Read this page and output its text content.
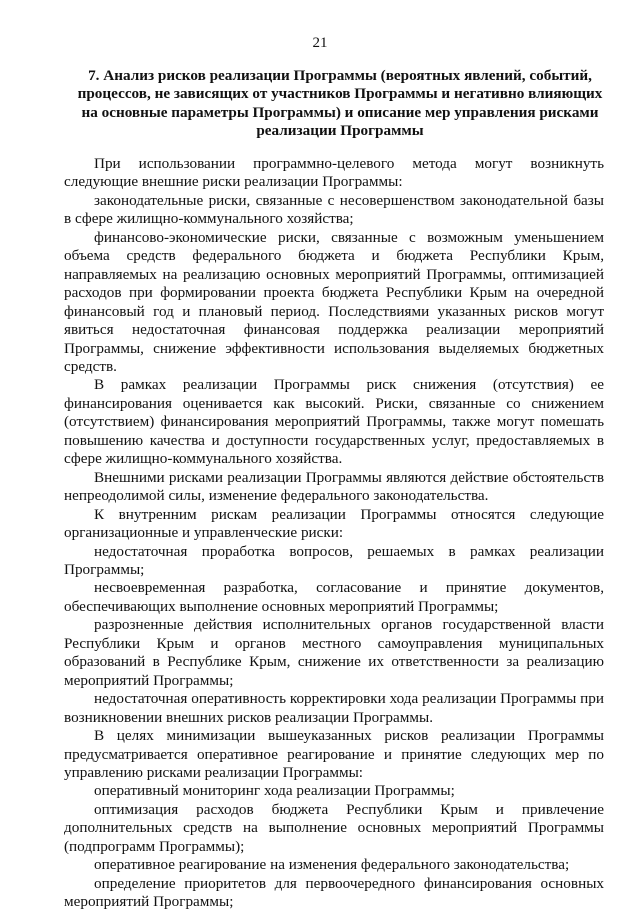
21
7. Анализ рисков реализации Программы (вероятных явлений, событий, процессов, не зависящих от участников Программы и негативно влияющих на основные параметры Программы) и описание мер управления рисками реализации Программы

При использовании программно-целевого метода могут возникнуть следующие внешние риски реализации Программы:

законодательные риски, связанные с несовершенством законодательной базы в сфере жилищно-коммунального хозяйства;

финансово-экономические риски, связанные с возможным уменьшением объема средств федерального бюджета и бюджета Республики Крым, направляемых на реализацию основных мероприятий Программы, оптимизацией расходов при формировании проекта бюджета Республики Крым на очередной финансовый год и плановый период. Последствиями указанных рисков могут явиться недостаточная финансовая поддержка реализации мероприятий Программы, снижение эффективности использования выделяемых бюджетных средств.

В рамках реализации Программы риск снижения (отсутствия) ее финансирования оценивается как высокий. Риски, связанные со снижением (отсутствием) финансирования мероприятий Программы, также могут помешать повышению качества и доступности государственных услуг, предоставляемых в сфере жилищно-коммунального хозяйства.

Внешними рисками реализации Программы являются действие обстоятельств непреодолимой силы, изменение федерального законодательства.

К внутренним рискам реализации Программы относятся следующие организационные и управленческие риски:

недостаточная проработка вопросов, решаемых в рамках реализации Программы;

несвоевременная разработка, согласование и принятие документов, обеспечивающих выполнение основных мероприятий Программы;

разрозненные действия исполнительных органов государственной власти Республики Крым и органов местного самоуправления муниципальных образований в Республике Крым, снижение их ответственности за реализацию мероприятий Программы;

недостаточная оперативность корректировки хода реализации Программы при возникновении внешних рисков реализации Программы.

В целях минимизации вышеуказанных рисков реализации Программы предусматривается оперативное реагирование и принятие следующих мер по управлению рисками реализации Программы:

оперативный мониторинг хода реализации Программы;

оптимизация расходов бюджета Республики Крым и привлечение дополнительных средств на выполнение основных мероприятий Программы (подпрограмм Программы);

оперативное реагирование на изменения федерального законодательства;

определение приоритетов для первоочередного финансирования основных мероприятий Программы;
